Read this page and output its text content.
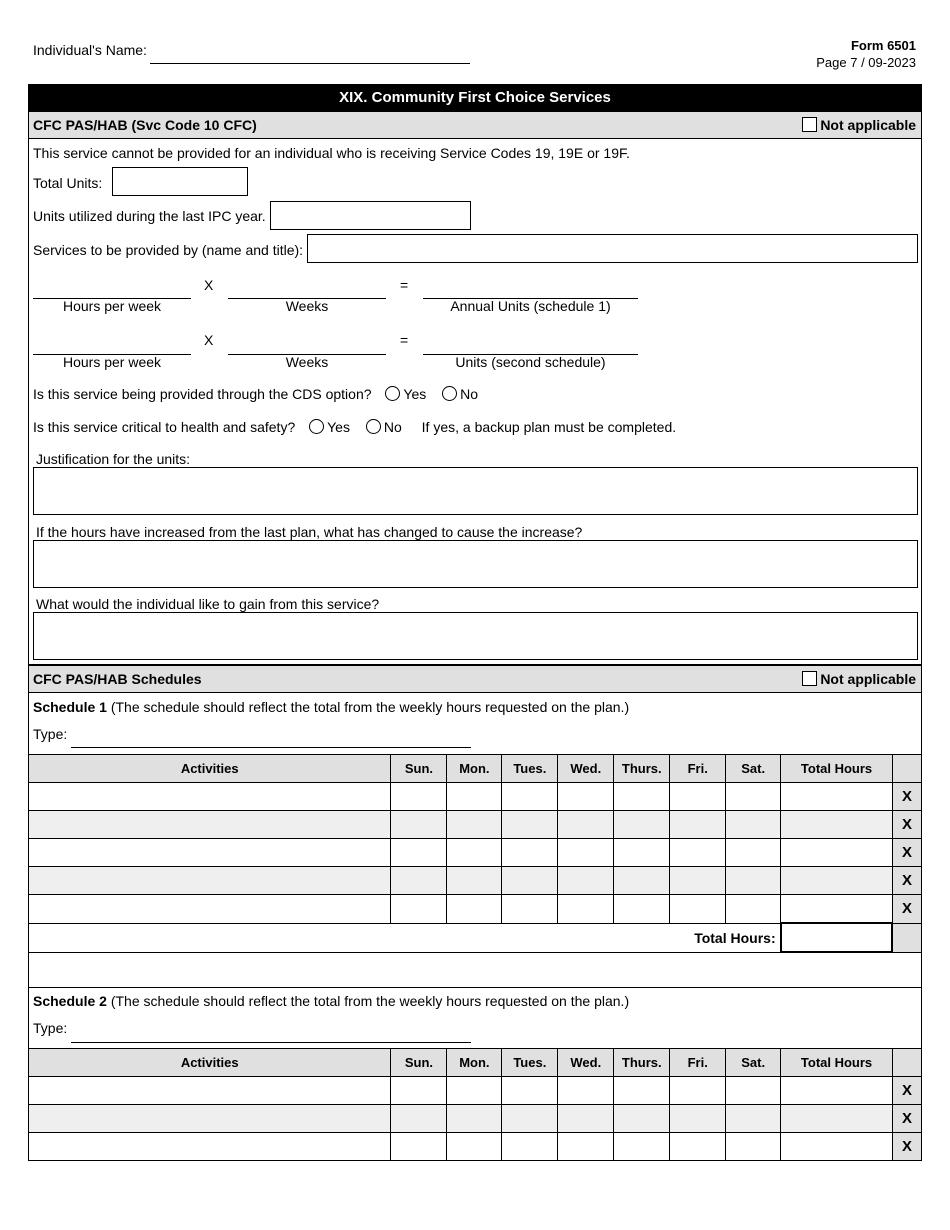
Individual's Name:	Form 6501
Page 7 / 09-2023
XIX. Community First Choice Services
CFC PAS/HAB (Svc Code 10 CFC)	Not applicable
This service cannot be provided for an individual who is receiving Service Codes 19, 19E or 19F.
Total Units:
Units utilized during the last IPC year.
Services to be provided by (name and title):
Hours per week
X
Weeks
=
Annual Units (schedule 1)
Hours per week
X
Weeks
=
Units (second schedule)
Is this service being provided through the CDS option? Yes No
Is this service critical to health and safety? Yes No If yes, a backup plan must be completed.
Justification for the units:
If the hours have increased from the last plan, what has changed to cause the increase?
What would the individual like to gain from this service?
CFC PAS/HAB Schedules	Not applicable
Schedule 1 (The schedule should reflect the total from the weekly hours requested on the plan.)
Type:
Activities	Sun.	Mon.	Tues.	Wed.	Thurs.	Fri.	Sat.	Total Hours	
									X
									X
									X
									X
									X
Total Hours:									
Schedule 2 (The schedule should reflect the total from the weekly hours requested on the plan.)
Type:
Activities	Sun.	Mon.	Tues.	Wed.	Thurs.	Fri.	Sat.	Total Hours	
									X
									X
									X
